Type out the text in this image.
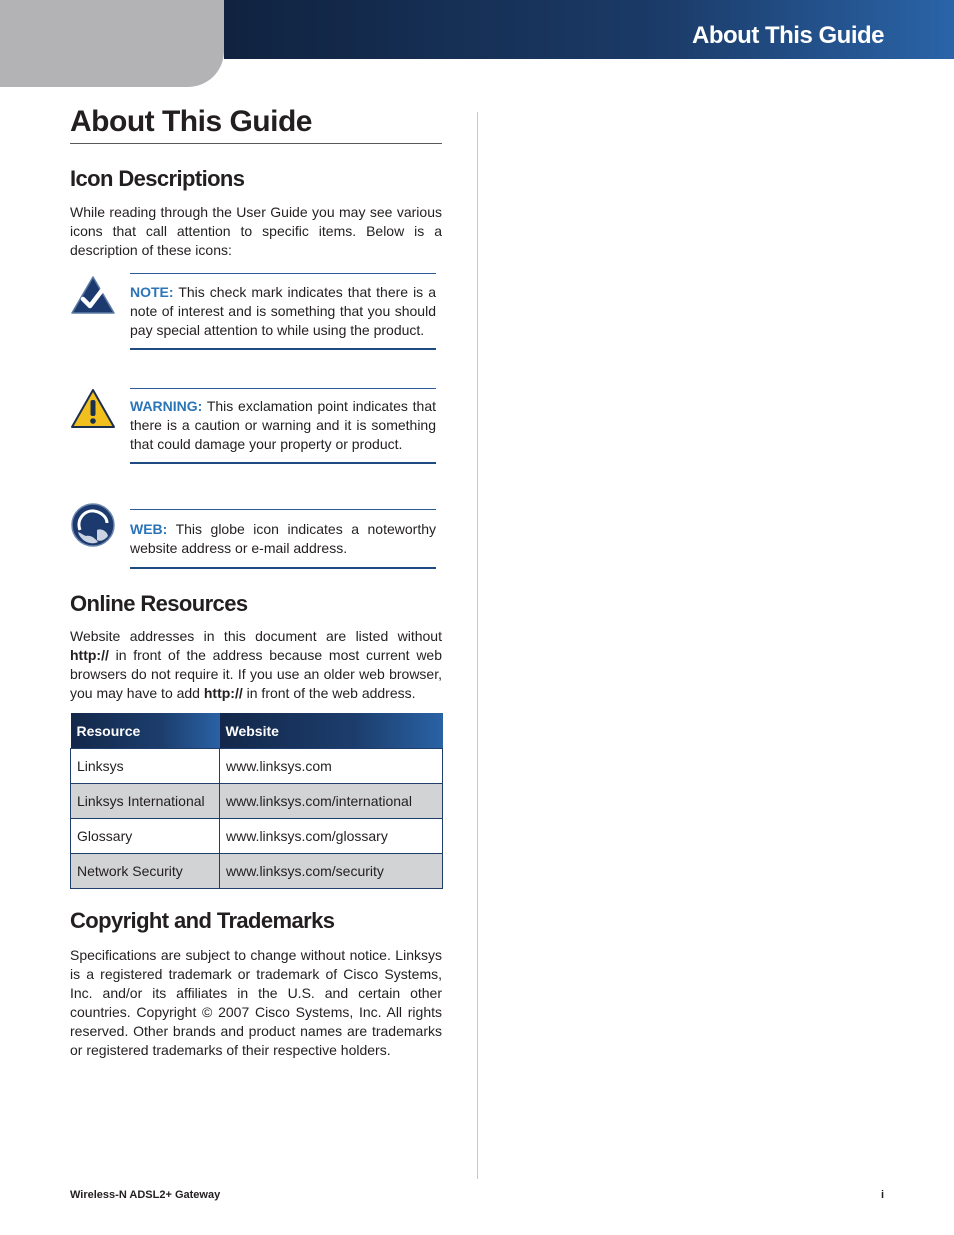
About This Guide
About This Guide
Icon Descriptions

While reading through the User Guide you may see various icons that call attention to specific items. Below is a description of these icons:

NOTE: This check mark indicates that there is a note of interest and is something that you should pay special attention to while using the product.

WARNING: This exclamation point indicates that there is a caution or warning and it is something that could damage your property or product.

WEB: This globe icon indicates a noteworthy website address or e-mail address.

Online Resources

Website addresses in this document are listed without http:// in front of the address because most current web browsers do not require it. If you use an older web browser, you may have to add http:// in front of the web address.

Resource	Website
Linksys	www.linksys.com
Linksys International	www.linksys.com/international
Glossary	www.linksys.com/glossary
Network Security	www.linksys.com/security
Copyright and Trademarks

Specifications are subject to change without notice. Linksys is a registered trademark or trademark of Cisco Systems, Inc. and/or its affiliates in the U.S. and certain other countries. Copyright © 2007 Cisco Systems, Inc. All rights reserved. Other brands and product names are trademarks or registered trademarks of their respective holders.

Wireless-N ADSL2+ Gateway	i
